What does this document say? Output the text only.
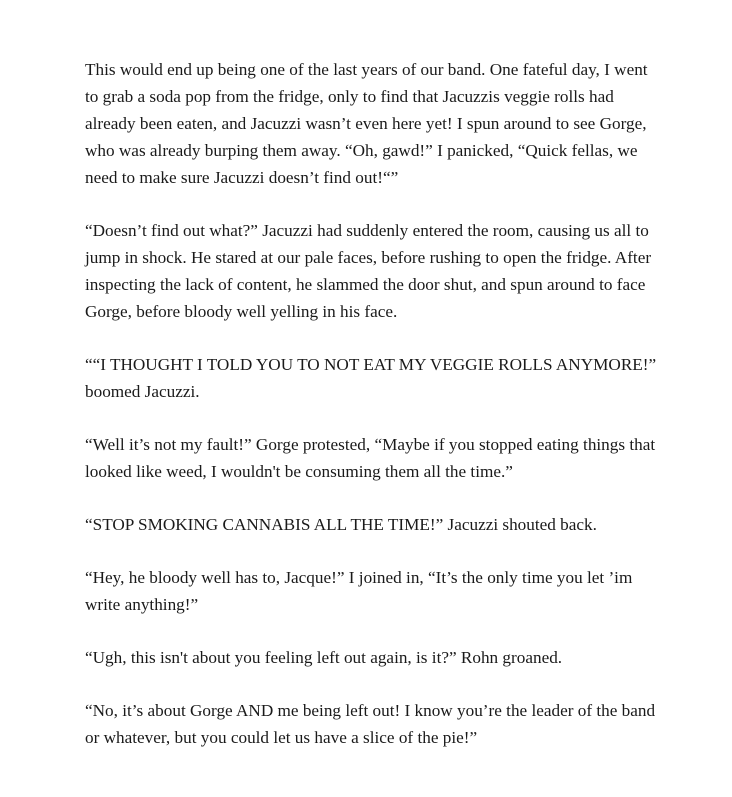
This would end up being one of the last years of our band. One fateful day, I went to grab a soda pop from the fridge, only to find that Jacuzzis veggie rolls had already been eaten, and Jacuzzi wasn’t even here yet! I spun around to see Gorge, who was already burping them away. “Oh, gawd!” I panicked, “Quick fellas, we need to make sure Jacuzzi doesn’t find out!“”

“Doesn’t find out what?” Jacuzzi had suddenly entered the room, causing us all to jump in shock. He stared at our pale faces, before rushing to open the fridge. After inspecting the lack of content, he slammed the door shut, and spun around to face Gorge, before bloody well yelling in his face.

““I THOUGHT I TOLD YOU TO NOT EAT MY VEGGIE ROLLS ANYMORE!” boomed Jacuzzi.

“Well it’s not my fault!” Gorge protested, “Maybe if you stopped eating things that looked like weed, I wouldn't be consuming them all the time.”

“STOP SMOKING CANNABIS ALL THE TIME!” Jacuzzi shouted back.

“Hey, he bloody well has to, Jacque!” I joined in, “It’s the only time you let ’im write anything!”

“Ugh, this isn't about you feeling left out again, is it?” Rohn groaned.

“No, it’s about Gorge AND me being left out! I know you’re the leader of the band or whatever, but you could let us have a slice of the pie!”
